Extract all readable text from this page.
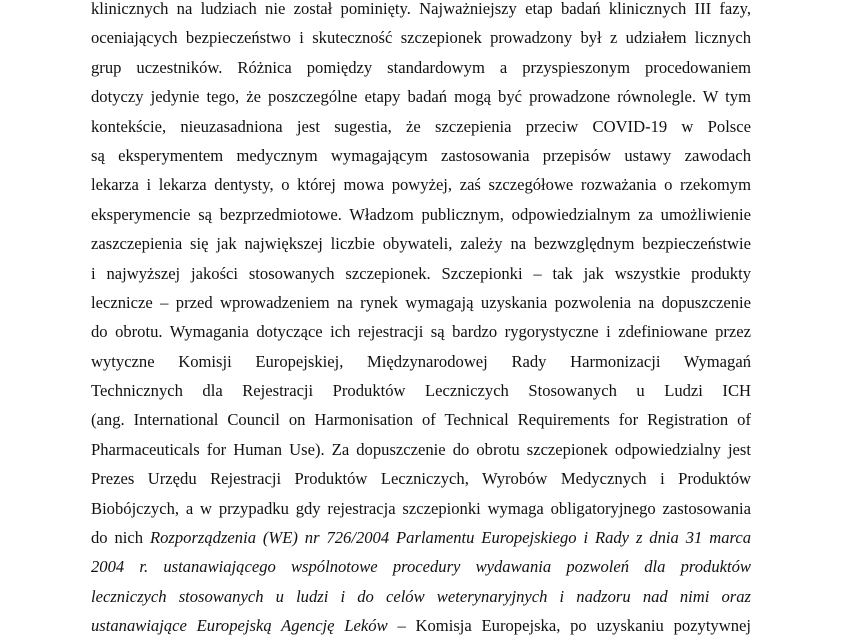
klinicznych na ludziach nie został pominięty. Najważniejszy etap badań klinicznych III fazy,
oceniających bezpieczeństwo i skuteczność szczepionek prowadzony był z udziałem licznych
grup uczestników. Różnica pomiędzy standardowym a przyspieszonym procedowaniem
dotyczy jedynie tego, że poszczególne etapy badań mogą być prowadzone równolegle. W tym
kontekście, nieuzasadniona jest sugestia, że szczepienia przeciw COVID-19 w Polsce
są eksperymentem medycznym wymagającym zastosowania przepisów ustawy zawodach
lekarza i lekarza dentysty, o której mowa powyżej, zaś szczegółowe rozważania o rzekomym
eksperymencie są bezprzedmiotowe. Władzom publicznym, odpowiedzialnym za umożliwienie
zaszczepienia się jak największej liczbie obywateli, zależy na bezwzględnym bezpieczeństwie
i najwyższej jakości stosowanych szczepionek. Szczepionki – tak jak wszystkie produkty
lecznicze – przed wprowadzeniem na rynek wymagają uzyskania pozwolenia na dopuszczenie
do obrotu. Wymagania dotyczące ich rejestracji są bardzo rygorystyczne i zdefiniowane przez
wytyczne Komisji Europejskiej, Międzynarodowej Rady Harmonizacji Wymagań
Technicznych dla Rejestracji Produktów Leczniczych Stosowanych u Ludzi ICH
(ang. International Council on Harmonisation of Technical Requirements for Registration of
Pharmaceuticals for Human Use). Za dopuszczenie do obrotu szczepionek odpowiedzialny jest
Prezes Urzędu Rejestracji Produktów Leczniczych, Wyrobów Medycznych i Produktów
Biobójczych, a w przypadku gdy rejestracja szczepionki wymaga obligatoryjnego zastosowania
do nich Rozporządzenia (WE) nr 726/2004 Parlamentu Europejskiego i Rady z dnia 31 marca
2004 r. ustanawiającego wspólnotowe procedury wydawania pozwoleń dla produktów
leczniczych stosowanych u ludzi i do celów weterynaryjnych i nadzoru nad nimi oraz
ustanawiające Europejską Agencję Leków – Komisja Europejska, po uzyskaniu pozytywnej
